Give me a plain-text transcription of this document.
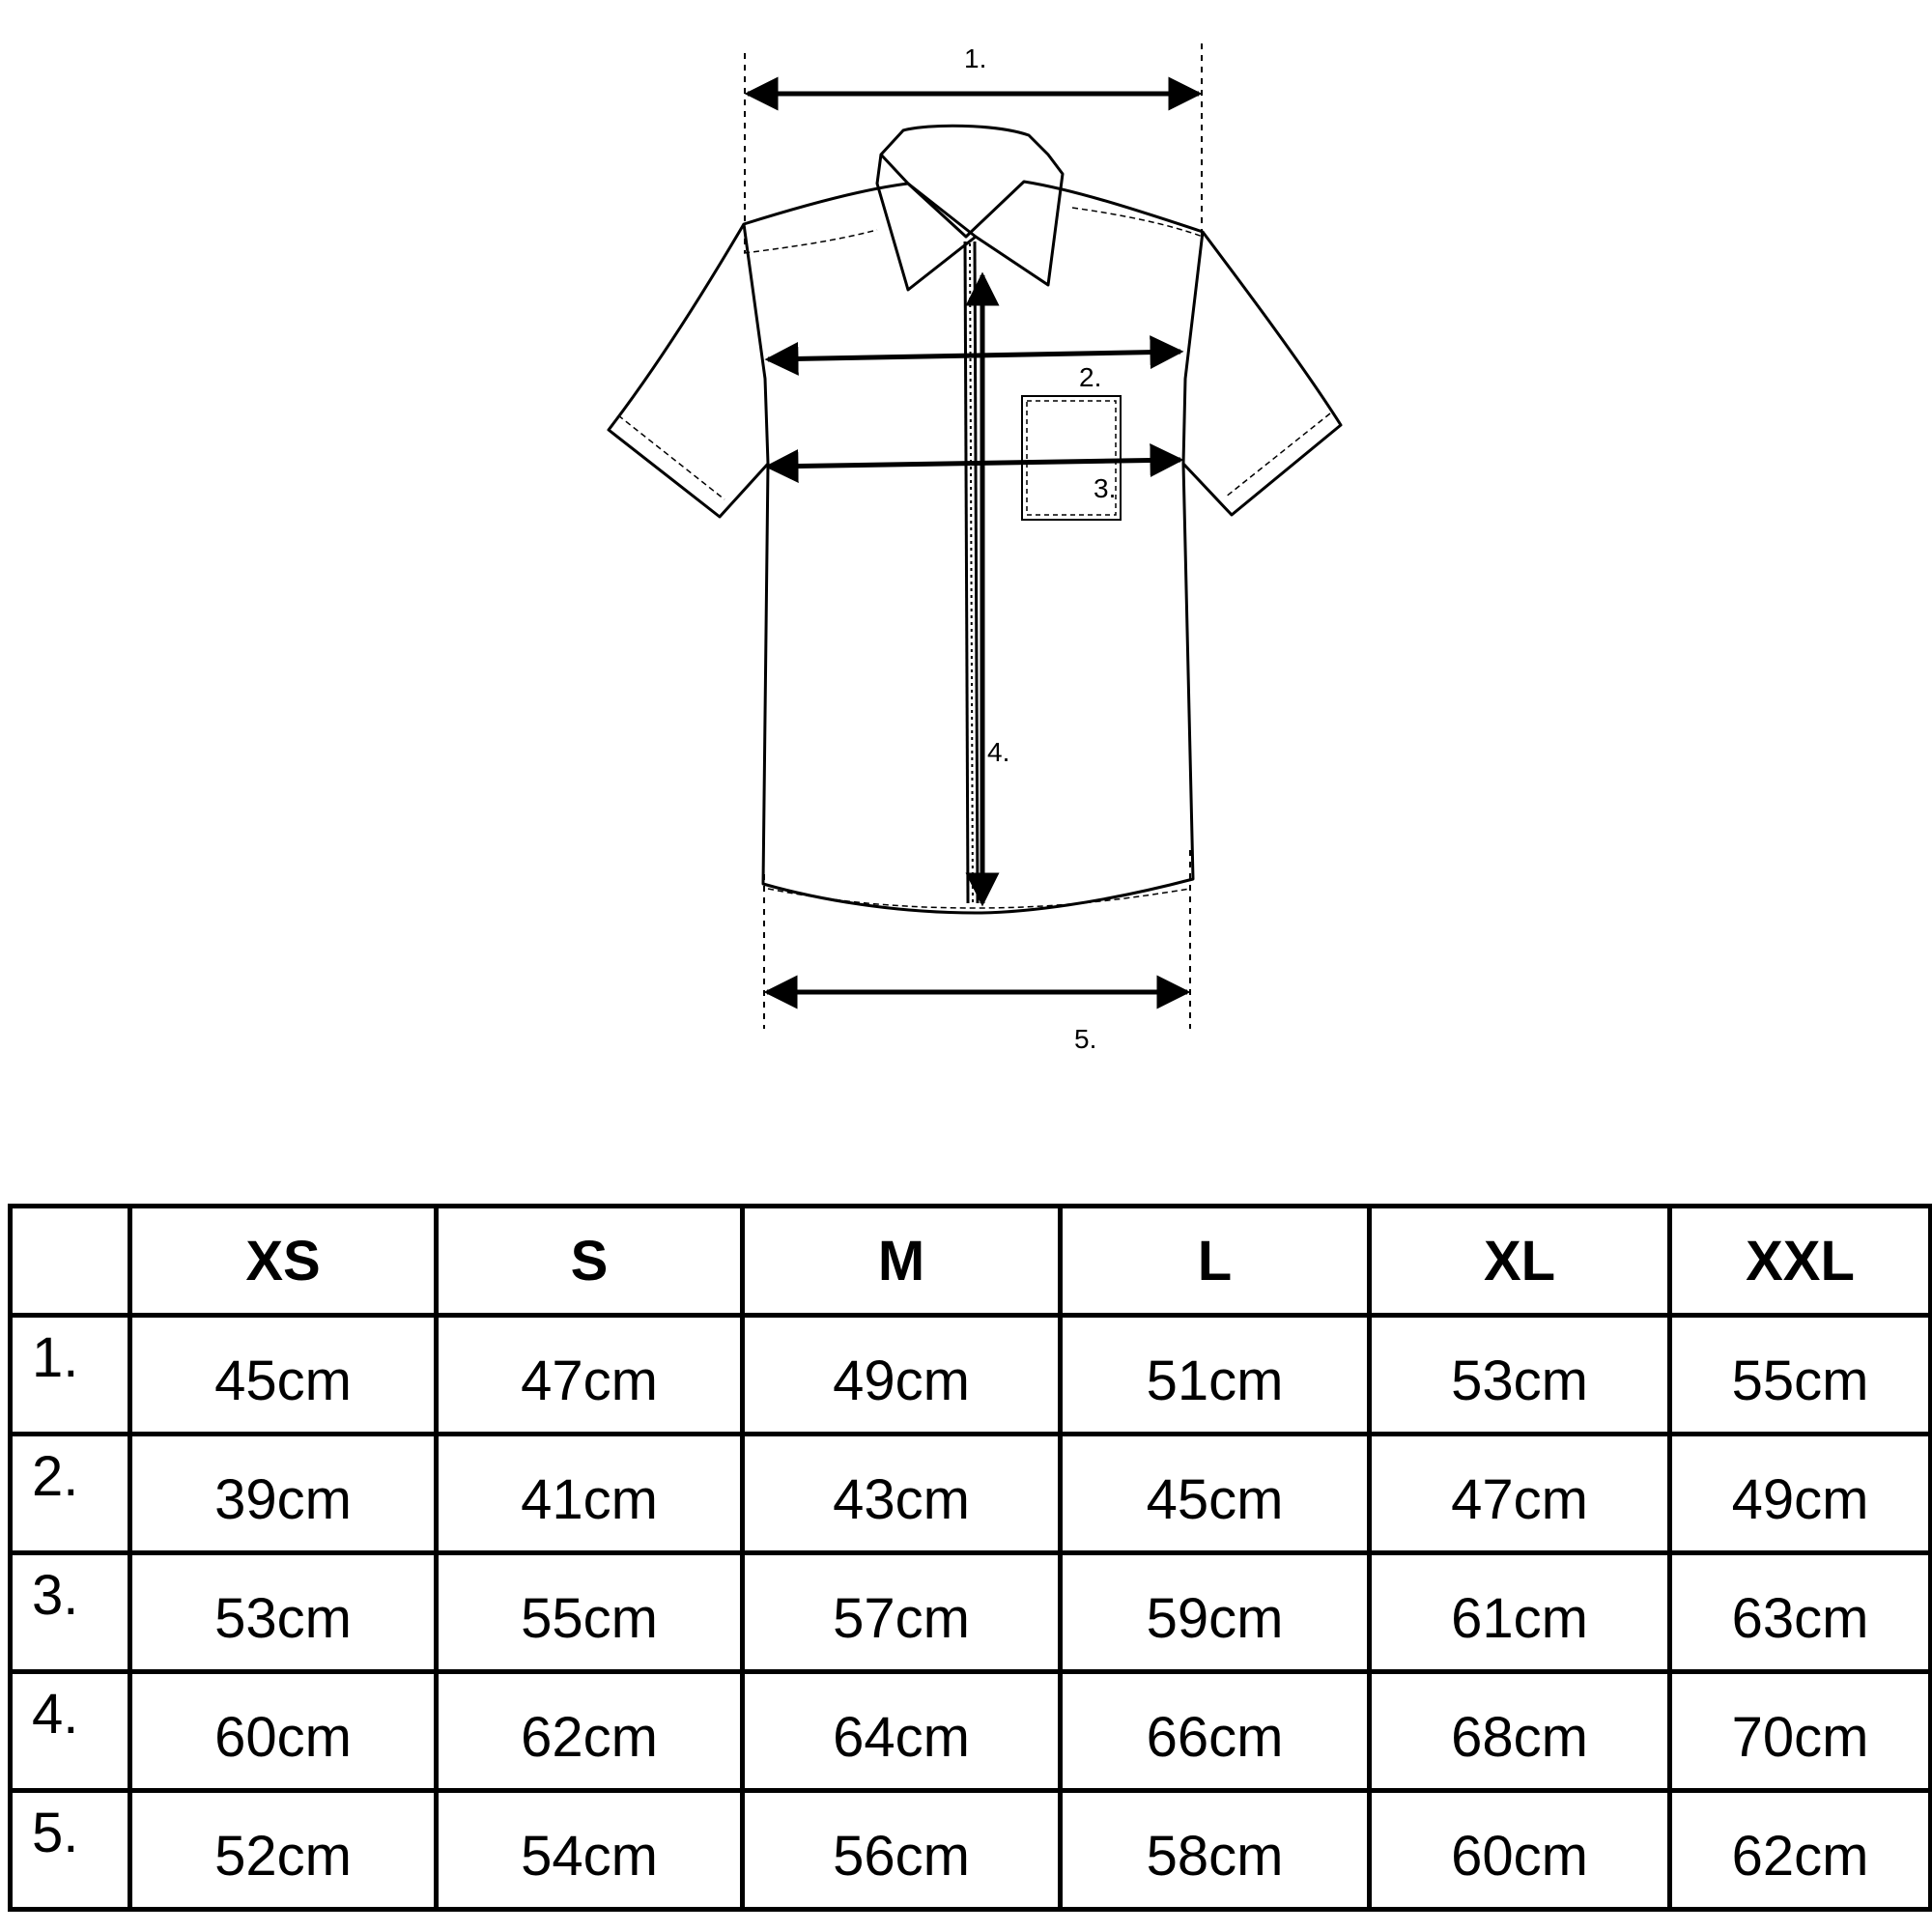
1.
2.
3.
4.
5.
	XS	S	M	L	XL	XXL
1.	45cm	47cm	49cm	51cm	53cm	55cm
2.	39cm	41cm	43cm	45cm	47cm	49cm
3.	53cm	55cm	57cm	59cm	61cm	63cm
4.	60cm	62cm	64cm	66cm	68cm	70cm
5.	52cm	54cm	56cm	58cm	60cm	62cm
